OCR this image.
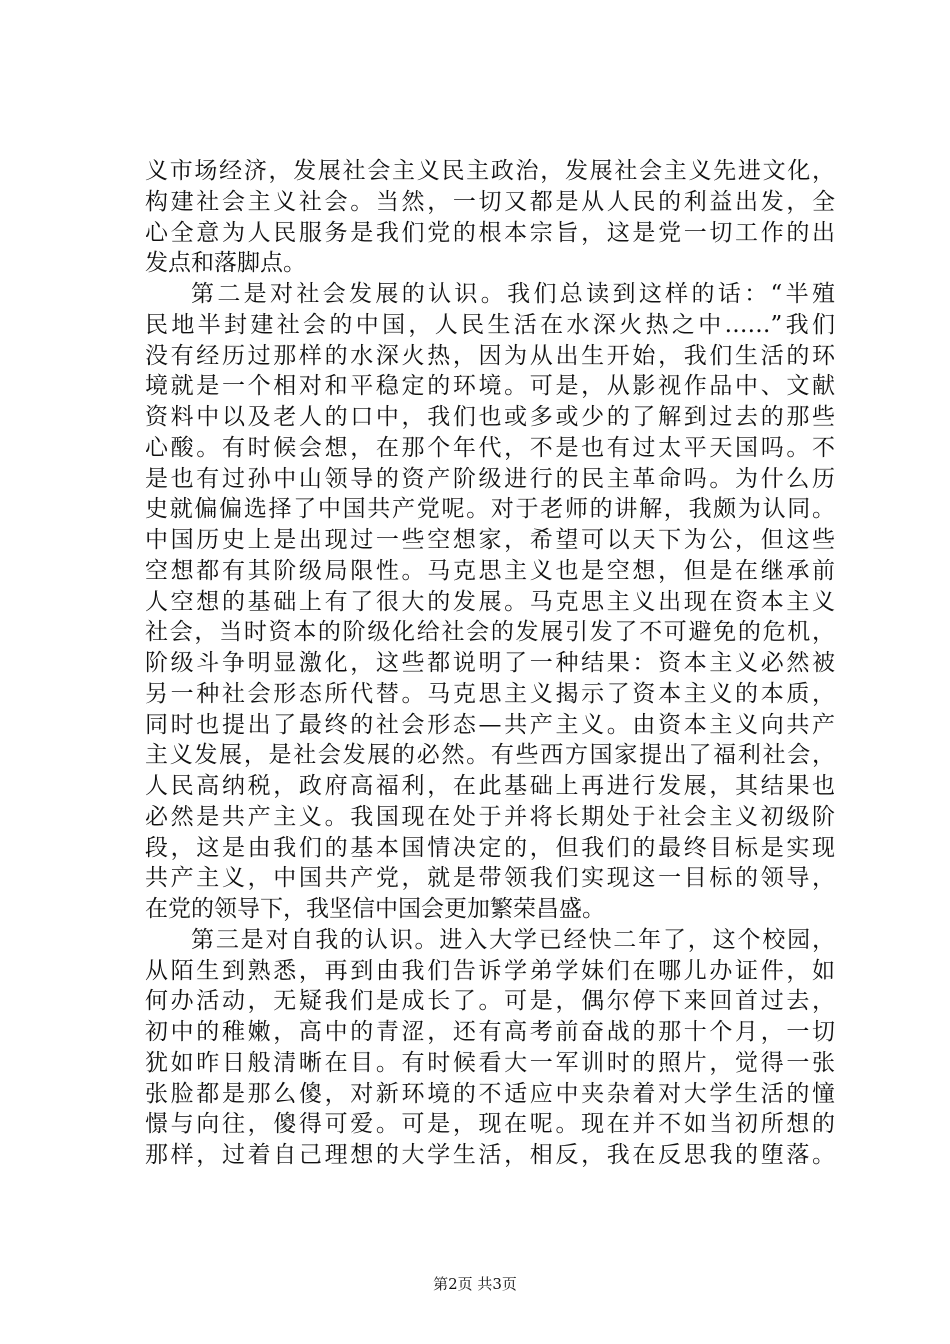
义市场经济，发展社会主义民主政治，发展社会主义先进文化，
构建社会主义社会。当然，一切又都是从人民的利益出发，全
心全意为人民服务是我们党的根本宗旨，这是党一切工作的出
发点和落脚点。
第二是对社会发展的认识。我们总读到这样的话：“半殖
民地半封建社会的中国，人民生活在水深火热之中……”我们
没有经历过那样的水深火热，因为从出生开始，我们生活的环
境就是一个相对和平稳定的环境。可是，从影视作品中、文献
资料中以及老人的口中，我们也或多或少的了解到过去的那些
心酸。有时候会想，在那个年代，不是也有过太平天国吗。不
是也有过孙中山领导的资产阶级进行的民主革命吗。为什么历
史就偏偏选择了中国共产党呢。对于老师的讲解，我颇为认同。
中国历史上是出现过一些空想家，希望可以天下为公，但这些
空想都有其阶级局限性。马克思主义也是空想，但是在继承前
人空想的基础上有了很大的发展。马克思主义出现在资本主义
社会，当时资本的阶级化给社会的发展引发了不可避免的危机，
阶级斗争明显激化，这些都说明了一种结果：资本主义必然被
另一种社会形态所代替。马克思主义揭示了资本主义的本质，
同时也提出了最终的社会形态—共产主义。由资本主义向共产
主义发展，是社会发展的必然。有些西方国家提出了福利社会，
人民高纳税，政府高福利，在此基础上再进行发展，其结果也
必然是共产主义。我国现在处于并将长期处于社会主义初级阶
段，这是由我们的基本国情决定的，但我们的最终目标是实现
共产主义，中国共产党，就是带领我们实现这一目标的领导，
在党的领导下，我坚信中国会更加繁荣昌盛。
第三是对自我的认识。进入大学已经快二年了，这个校园，
从陌生到熟悉，再到由我们告诉学弟学妹们在哪儿办证件，如
何办活动，无疑我们是成长了。可是，偶尔停下来回首过去，
初中的稚嫩，高中的青涩，还有高考前奋战的那十个月，一切
犹如昨日般清晰在目。有时候看大一军训时的照片，觉得一张
张脸都是那么傻，对新环境的不适应中夹杂着对大学生活的憧
憬与向往，傻得可爱。可是，现在呢。现在并不如当初所想的
那样，过着自己理想的大学生活，相反，我在反思我的堕落。
第2页 共3页
